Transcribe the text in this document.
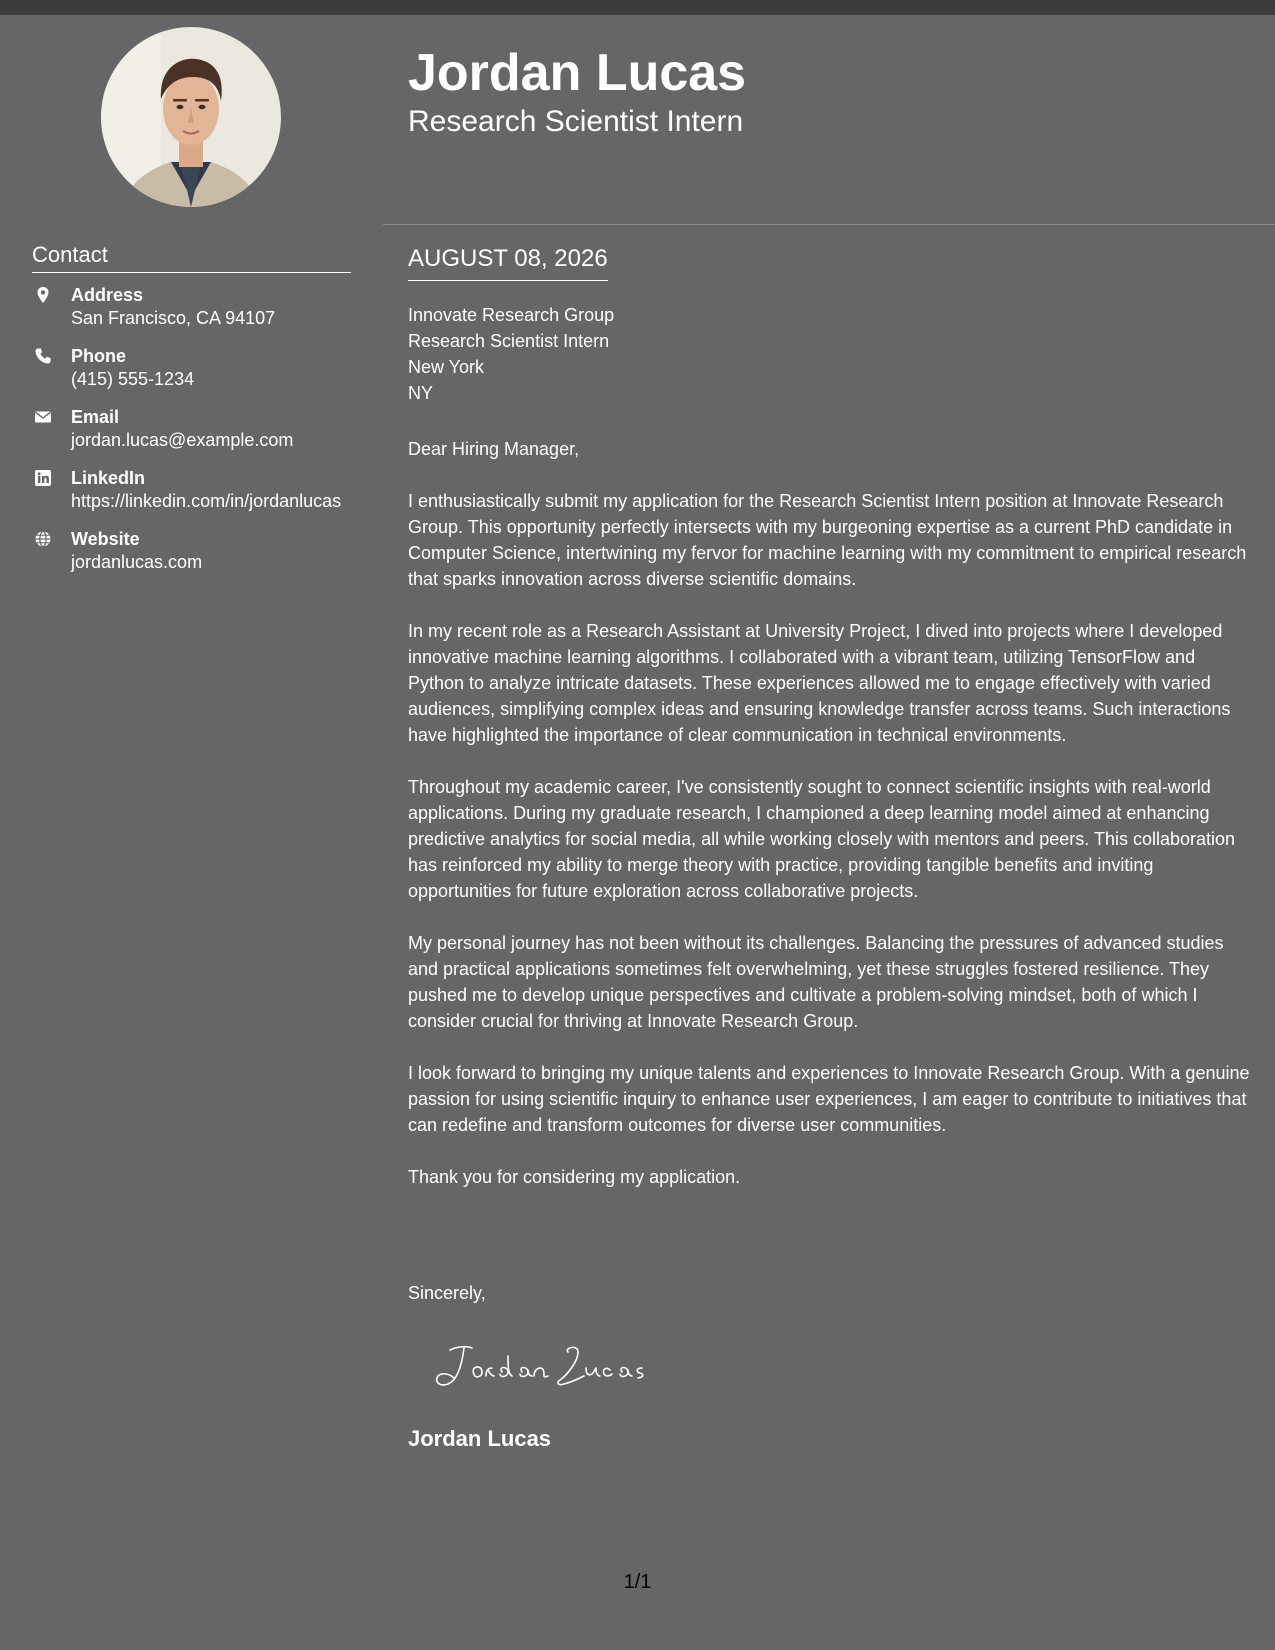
Contact
Address
San Francisco, CA 94107
Phone
(415) 555-1234
Email
jordan.lucas@example.com
LinkedIn
https://linkedin.com/in/jordanlucas
Website
jordanlucas.com
Jordan Lucas
Research Scientist Intern
AUGUST 08, 2026
Innovate Research Group
Research Scientist Intern
New York
NY

Dear Hiring Manager,

I enthusiastically submit my application for the Research Scientist Intern position at Innovate Research Group. This opportunity perfectly intersects with my burgeoning expertise as a current PhD candidate in Computer Science, intertwining my fervor for machine learning with my commitment to empirical research that sparks innovation across diverse scientific domains.

In my recent role as a Research Assistant at University Project, I dived into projects where I developed innovative machine learning algorithms. I collaborated with a vibrant team, utilizing TensorFlow and Python to analyze intricate datasets. These experiences allowed me to engage effectively with varied audiences, simplifying complex ideas and ensuring knowledge transfer across teams. Such interactions have highlighted the importance of clear communication in technical environments.

Throughout my academic career, I've consistently sought to connect scientific insights with real-world applications. During my graduate research, I championed a deep learning model aimed at enhancing predictive analytics for social media, all while working closely with mentors and peers. This collaboration has reinforced my ability to merge theory with practice, providing tangible benefits and inviting opportunities for future exploration across collaborative projects.

My personal journey has not been without its challenges. Balancing the pressures of advanced studies and practical applications sometimes felt overwhelming, yet these struggles fostered resilience. They pushed me to develop unique perspectives and cultivate a problem-solving mindset, both of which I consider crucial for thriving at Innovate Research Group.

I look forward to bringing my unique talents and experiences to Innovate Research Group. With a genuine passion for using scientific inquiry to enhance user experiences, I am eager to contribute to initiatives that can redefine and transform outcomes for diverse user communities.

Thank you for considering my application.

Sincerely,
Jordan Lucas
1/1
